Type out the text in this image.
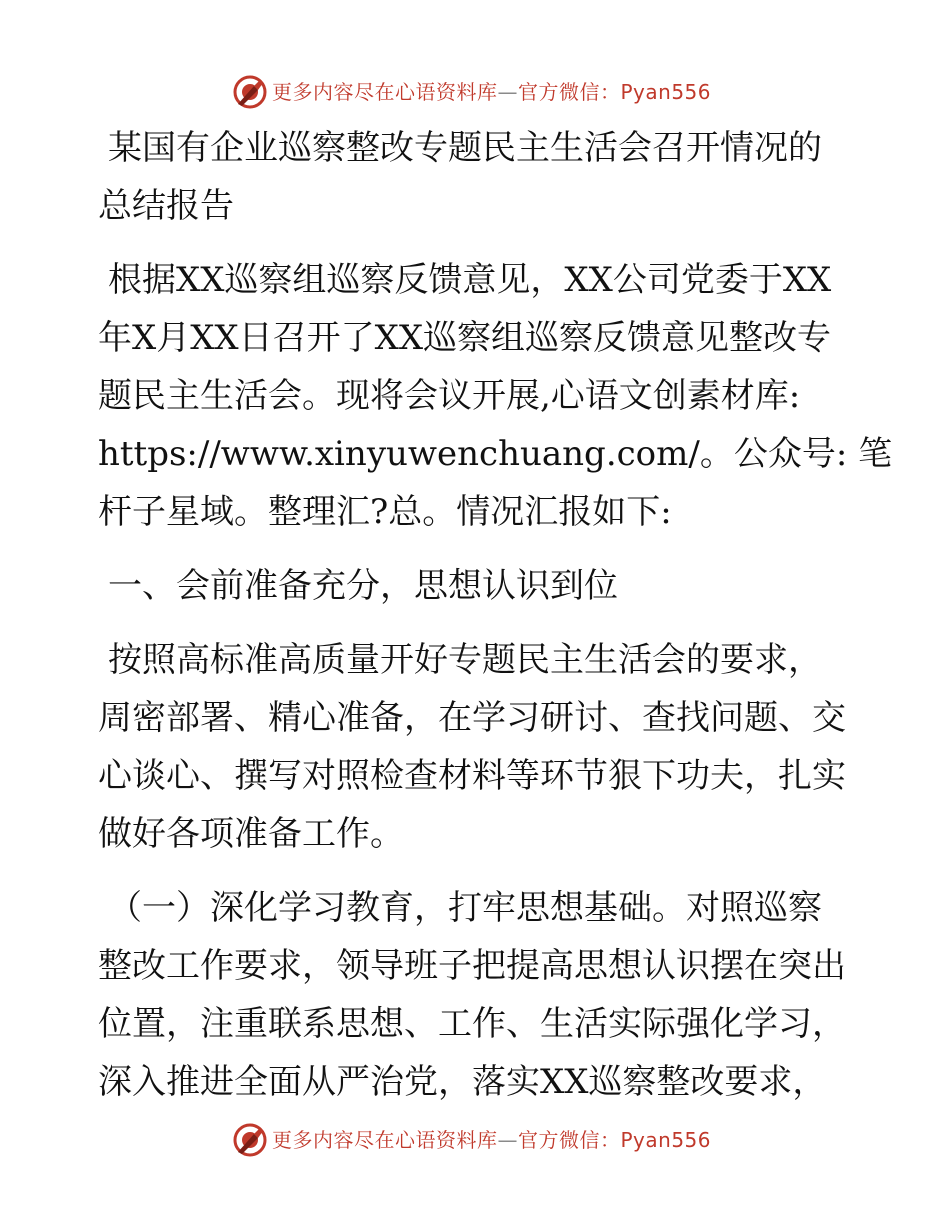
更多内容尽在心语资料库—官方微信：Pyan556
某国有企业巡察整改专题民主生活会召开情况的
总结报告
根据XX巡察组巡察反馈意见，XX公司党委于XX
年X月XX日召开了XX巡察组巡察反馈意见整改专
题民主生活会。现将会议开展,心语文创素材库:
https://www.xinyuwenchuang.com/。公众号: 笔
杆子星域。整理汇?总。情况汇报如下:
一、会前准备充分，思想认识到位
按照高标准高质量开好专题民主生活会的要求，
周密部署、精心准备，在学习研讨、查找问题、交
心谈心、撰写对照检查材料等环节狠下功夫，扎实
做好各项准备工作。
（一）深化学习教育，打牢思想基础。对照巡察
整改工作要求，领导班子把提高思想认识摆在突出
位置，注重联系思想、工作、生活实际强化学习，
深入推进全面从严治党，落实XX巡察整改要求，
更多内容尽在心语资料库—官方微信：Pyan556
